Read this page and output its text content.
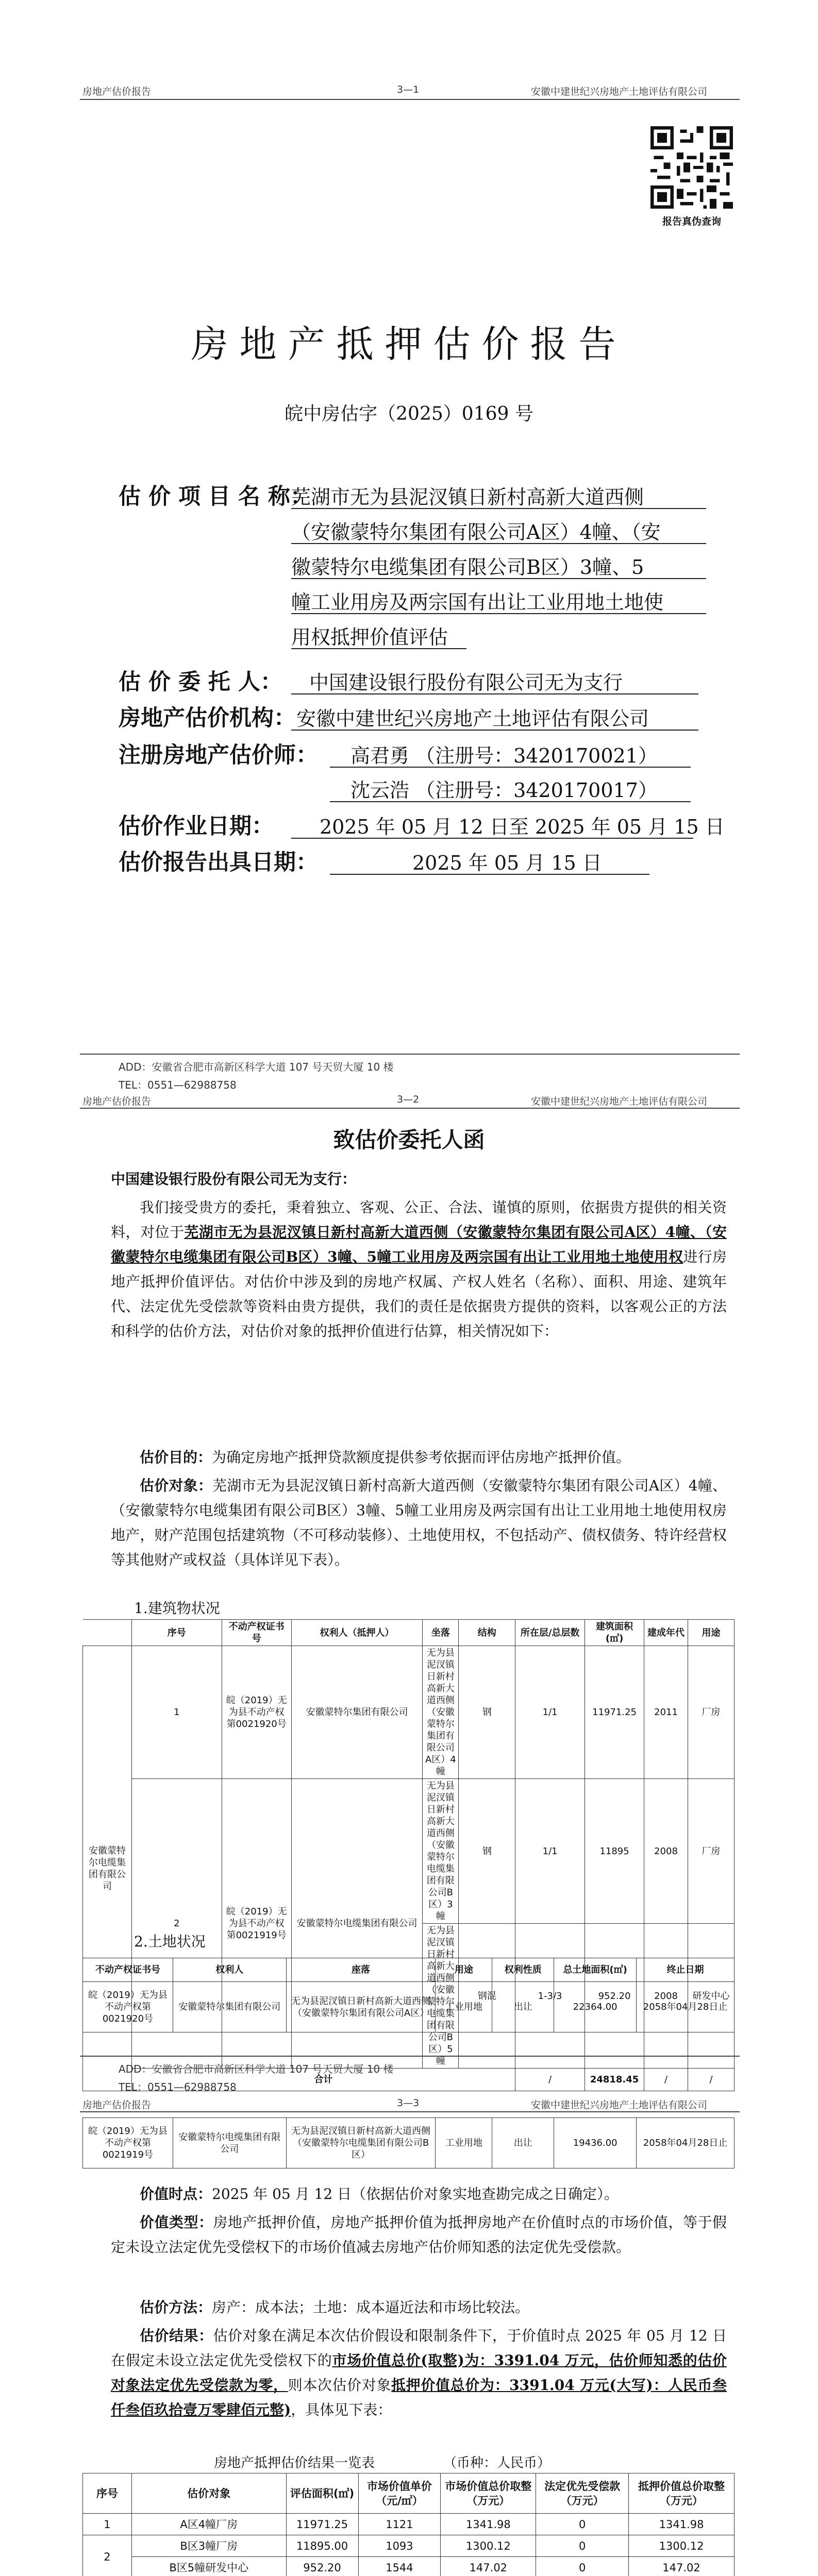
房地产估价报告	3—1	安徽中建世纪兴房地产土地评估有限公司
报告真伪查询
房地产抵押估价报告
皖中房估字（2025）0169 号
估 价 项 目 名 称：
芜湖市无为县泥汊镇日新村高新大道西侧
（安徽蒙特尔集团有限公司A区）4幢、（安
徽蒙特尔电缆集团有限公司B区）3幢、5
幢工业用房及两宗国有出让工业用地土地使
用权抵押价值评估
估 价 委 托 人： 中国建设银行股份有限公司无为支行
房地产估价机构： 安徽中建世纪兴房地产土地评估有限公司
注册房地产估价师： 高君勇 （注册号：3420170021）
沈云浩 （注册号：3420170017）
估价作业日期： 2025 年 05 月 12 日至 2025 年 05 月 15 日
估价报告出具日期：	2025 年 05 月 15 日
ADD：安徽省合肥市高新区科学大道 107 号天贸大厦 10 楼
TEL：0551—62988758
房地产估价报告	3—2	安徽中建世纪兴房地产土地评估有限公司
致估价委托人函
中国建设银行股份有限公司无为支行：
我们接受贵方的委托，秉着独立、客观、公正、合法、谨慎的原则，依据贵方提供的相关资料，对位于芜湖市无为县泥汊镇日新村高新大道西侧（安徽蒙特尔集团有限公司A区）4幢、（安徽蒙特尔电缆集团有限公司B区）3幢、5幢工业用房及两宗国有出让工业用地土地使用权进行房地产抵押价值评估。对估价中涉及到的房地产权属、产权人姓名（名称）、面积、用途、建筑年代、法定优先受偿款等资料由贵方提供，我们的责任是依据贵方提供的资料，以客观公正的方法和科学的估价方法，对估价对象的抵押价值进行估算，相关情况如下：
估价目的：为确定房地产抵押贷款额度提供参考依据而评估房地产抵押价值。
估价对象：芜湖市无为县泥汊镇日新村高新大道西侧（安徽蒙特尔集团有限公司A区）4幢、（安徽蒙特尔电缆集团有限公司B区）3幢、5幢工业用房及两宗国有出让工业用地土地使用权房地产，财产范围包括建筑物（不可移动装修）、土地使用权，不包括动产、债权债务、特许经营权等其他财产或权益（具体详见下表）。
1.建筑物状况
	序号	不动产权证书号	权利人（抵押人）	坐落	结构	所在层/总层数	建筑面积(㎡)	建成年代	用途
安徽蒙特尔电缆集团有限公司	1	皖（2019）无为县不动产权第0021920号	安徽蒙特尔集团有限公司	无为县泥汊镇日新村高新大道西侧（安徽蒙特尔集团有限公司A区）4幢	钢	1/1	11971.25	2011	厂房
	2	皖（2019）无为县不动产权第0021919号	安徽蒙特尔电缆集团有限公司	无为县泥汊镇日新村高新大道西侧（安徽蒙特尔电缆集团有限公司B区）3幢	钢	1/1	11895	2008	厂房
				无为县泥汊镇日新村高新大道西侧（安徽蒙特尔电缆集团有限公司B区）5幢	钢混	1-3/3	952.20	2008	研发中心
	合计					/	24818.45	/	/
2.土地状况
不动产权证书号	权利人	座落	用途	权利性质	总土地面积(㎡)	终止日期
皖（2019）无为县不动产权第0021920号	安徽蒙特尔集团有限公司	无为县泥汊镇日新村高新大道西侧（安徽蒙特尔集团有限公司A区）	工业用地	出让	22364.00	2058年04月28日止
ADD：安徽省合肥市高新区科学大道 107 号天贸大厦 10 楼
TEL：0551—62988758
房地产估价报告	3—3	安徽中建世纪兴房地产土地评估有限公司
皖（2019）无为县不动产权第0021919号	安徽蒙特尔电缆集团有限公司	无为县泥汊镇日新村高新大道西侧（安徽蒙特尔电缆集团有限公司B区）	工业用地	出让	19436.00	2058年04月28日止
价值时点：2025 年 05 月 12 日（依据估价对象实地查勘完成之日确定）。
价值类型：房地产抵押价值，房地产抵押价值为抵押房地产在价值时点的市场价值，等于假定未设立法定优先受偿权下的市场价值减去房地产估价师知悉的法定优先受偿款。
估价方法：房产：成本法；土地：成本逼近法和市场比较法。
估价结果：估价对象在满足本次估价假设和限制条件下，于价值时点 2025 年 05 月 12 日在假定未设立法定优先受偿权下的市场价值总价(取整)为：3391.04 万元，估价师知悉的估价对象法定优先受偿款为零，则本次估价对象抵押价值总价为：3391.04 万元(大写)：人民币叁仟叁佰玖拾壹万零肆佰元整)，具体见下表：
房地产抵押估价结果一览表	（币种：人民币）
序号	估价对象	评估面积(㎡)	市场价值单价（元/㎡）	市场价值总价取整（万元）	法定优先受偿款（万元）	抵押价值总价取整（万元）
1	A区4幢厂房	11971.25	1121	1341.98	0	1341.98
2	B区3幢厂房	11895.00	1093	1300.12	0	1300.12
	B区5幢研发中心	952.20	1544	147.02	0	147.02
